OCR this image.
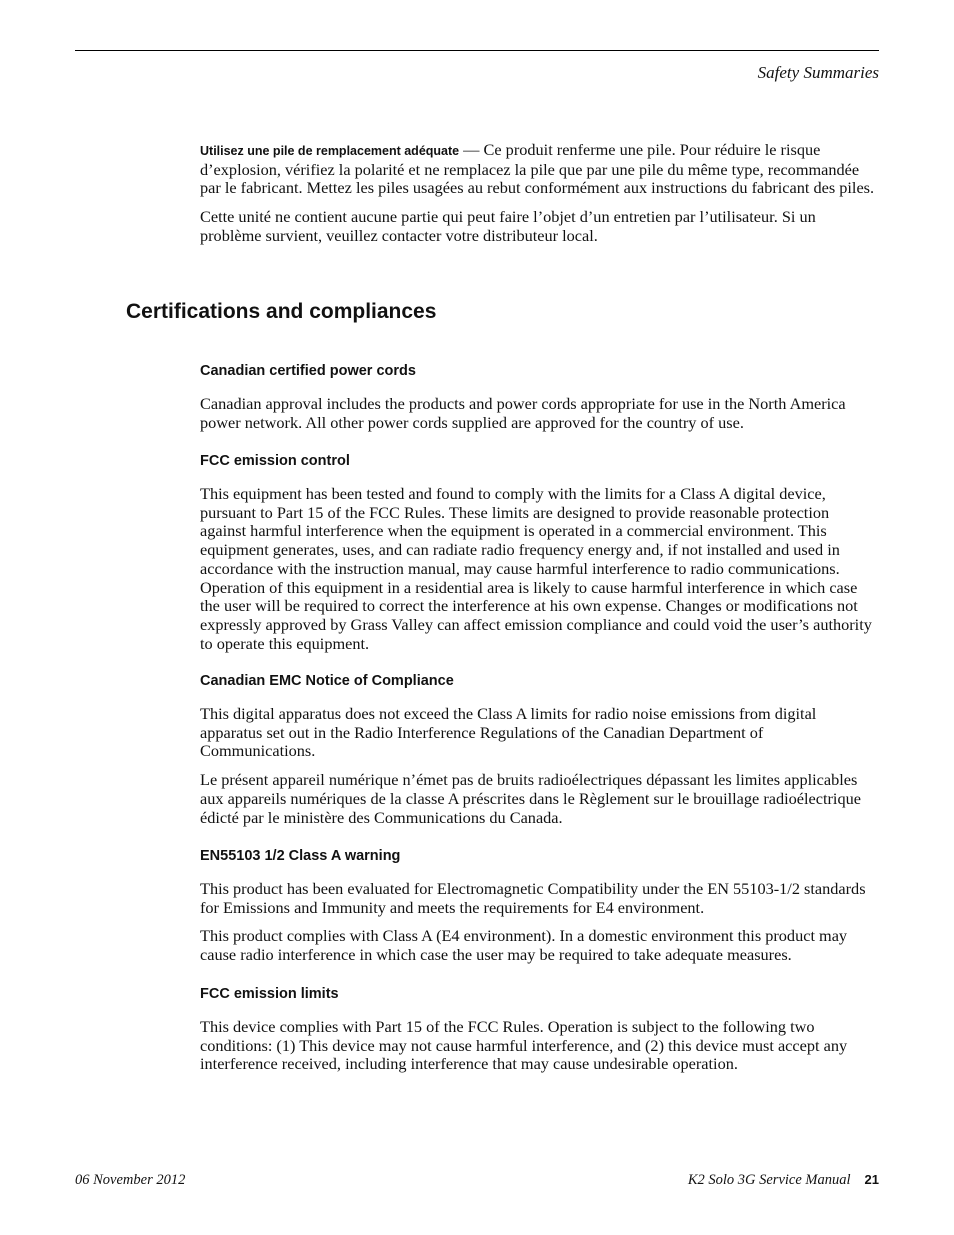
Safety Summaries

Utilisez une pile de remplacement adéquate — Ce produit renferme une pile. Pour réduire le risque d’explosion, vérifiez la polarité et ne remplacez la pile que par une pile du même type, recommandée par le fabricant. Mettez les piles usagées au rebut conformément aux instructions du fabricant des piles.

Cette unité ne contient aucune partie qui peut faire l’objet d’un entretien par l’utilisateur. Si un problème survient, veuillez contacter votre distributeur local.

Certifications and compliances
Canadian certified power cords

Canadian approval includes the products and power cords appropriate for use in the North America power network. All other power cords supplied are approved for the country of use.

FCC emission control

This equipment has been tested and found to comply with the limits for a Class A digital device, pursuant to Part 15 of the FCC Rules. These limits are designed to provide reasonable protection against harmful interference when the equipment is operated in a commercial environment. This equipment generates, uses, and can radiate radio frequency energy and, if not installed and used in accordance with the instruction manual, may cause harmful interference to radio communications. Operation of this equipment in a residential area is likely to cause harmful interference in which case the user will be required to correct the interference at his own expense. Changes or modifications not expressly approved by Grass Valley can affect emission compliance and could void the user’s authority to operate this equipment.

Canadian EMC Notice of Compliance

This digital apparatus does not exceed the Class A limits for radio noise emissions from digital apparatus set out in the Radio Interference Regulations of the Canadian Department of Communications.

Le présent appareil numérique n’émet pas de bruits radioélectriques dépassant les limites applicables aux appareils numériques de la classe A préscrites dans le Règlement sur le brouillage radioélectrique édicté par le ministère des Communications du Canada.

EN55103 1/2 Class A warning

This product has been evaluated for Electromagnetic Compatibility under the EN 55103-1/2 standards for Emissions and Immunity and meets the requirements for E4 environment.

This product complies with Class A (E4 environment). In a domestic environment this product may cause radio interference in which case the user may be required to take adequate measures.

FCC emission limits

This device complies with Part 15 of the FCC Rules. Operation is subject to the following two conditions: (1) This device may not cause harmful interference, and (2) this device must accept any interference received, including interference that may cause undesirable operation.

06 November 2012	K2 Solo 3G Service Manual 21
